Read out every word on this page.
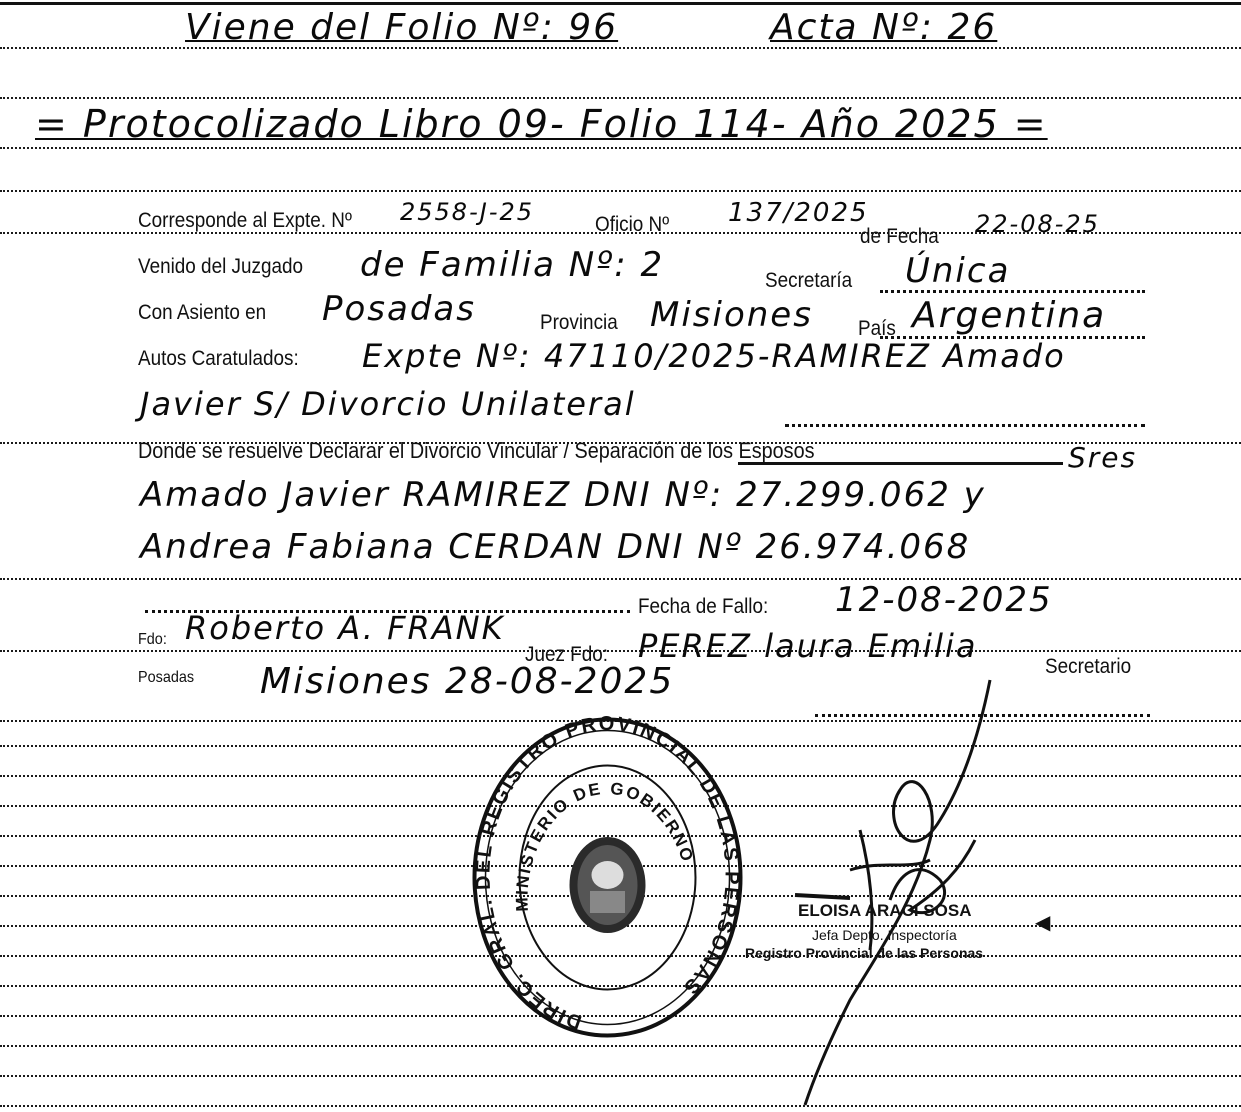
Viene del Folio Nº: 96	Acta Nº: 26
= Protocolizado Libro 09- Folio 114- Año 2025 =
Corresponde al Expte. Nº 2558-J-25	Oficio Nº 137/2025
de Fecha 22-08-25
Venido del Juzgado de Familia Nº: 2	Secretaría Única
Con Asiento en Posadas	Provincia Misiones País Argentina
Autos Caratulados: Expte Nº: 47110/2025-RAMIREZ Amado
Javier S/ Divorcio Unilateral
Donde se resuelve Declarar el Divorcio Vincular / Separación de los Esposos	Sres
Amado Javier RAMIREZ DNI Nº: 27.299.062 y
Andrea Fabiana CERDAN DNI Nº 26.974.068
Fecha de Fallo: 12-08-2025
Fdo: Roberto A. FRANK
Juez Fdo: PEREZ laura Emilia
Secretario
Posadas Misiones 28-08-2025
DIREC. GRAL. DEL REGISTRO PROVINCIAL DE LAS PERSONAS
MINISTERIO DE GOBIERNO
ELOISA ARACI SOSA	◀
Jefa Depto. Inspectoría
Registro Provincial de las Personas
